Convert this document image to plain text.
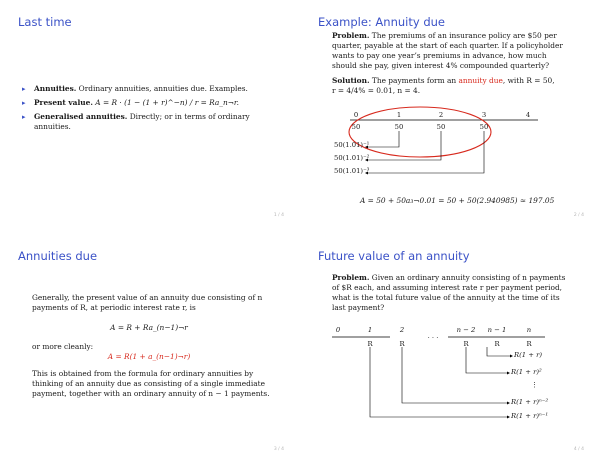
Last time
▸ Annuities. Ordinary annuities, annuities due. Examples.
▸ Present value. A = R · (1 − (1 + r)^−n) / r = Ra_n¬r.
▸ Generalised annuities. Directly; or in terms of ordinary annuities.
1 / 4
Example: Annuity due
Problem. The premiums of an insurance policy are $50 per quarter, payable at the start of each quarter. If a policyholder wants to pay one year’s premiums in advance, how much should she pay, given interest 4% compounded quarterly?
Solution. The payments form an annuity due, with R = 50,
r = 4/4% = 0.01, n = 4.
0	1	2	3	4
50	50	50	50
50(1.01)⁻¹
50(1.01)⁻²
50(1.01)⁻³
A = 50 + 50a₃¬0.01 = 50 + 50(2.940985) ≈ 197.05
2 / 4
Annuities due
Generally, the present value of an annuity due consisting of n payments of R, at periodic interest rate r, is
A = R + Ra_(n−1)¬r
or more cleanly:
A = R(1 + a_(n−1)¬r)
This is obtained from the formula for ordinary annuities by thinking of an annuity due as consisting of a single immediate payment, together with an ordinary annuity of n − 1 payments.
3 / 4
Future value of an annuity
Problem. Given an ordinary annuity consisting of n payments of $R each, and assuming interest rate r per payment period, what is the total future value of the annuity at the time of its last payment?
0	1	2	n − 2 n − 1	n
· · ·
R	R	R	R	R
R(1 + r)
R(1 + r)²
⋮
R(1 + r)ⁿ⁻²
R(1 + r)ⁿ⁻¹
4 / 4
